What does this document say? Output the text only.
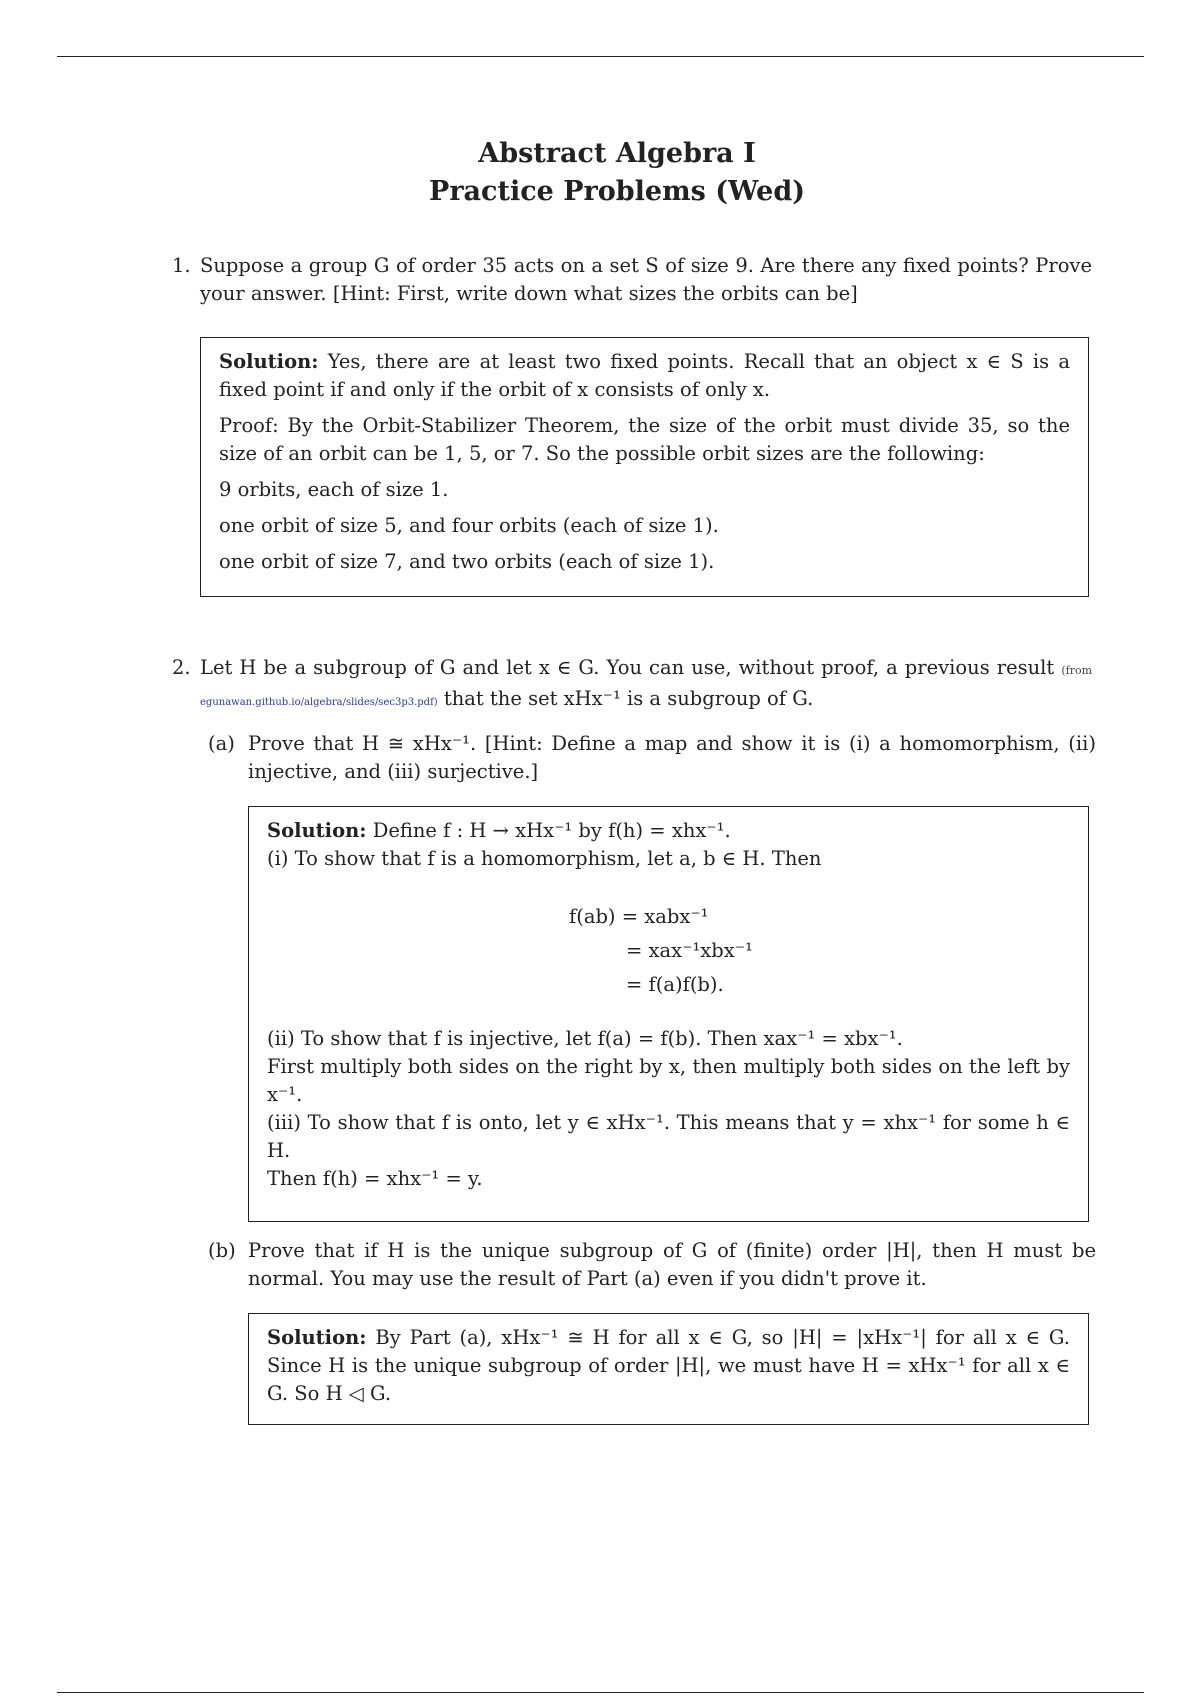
Abstract Algebra I
Practice Problems (Wed)
1. Suppose a group G of order 35 acts on a set S of size 9. Are there any fixed points? Prove your answer. [Hint: First, write down what sizes the orbits can be]

Solution: Yes, there are at least two fixed points. Recall that an object x ∈ S is a fixed point if and only if the orbit of x consists of only x.

Proof: By the Orbit-Stabilizer Theorem, the size of the orbit must divide 35, so the size of an orbit can be 1, 5, or 7. So the possible orbit sizes are the following:

9 orbits, each of size 1.

one orbit of size 5, and four orbits (each of size 1).

one orbit of size 7, and two orbits (each of size 1).

2. Let H be a subgroup of G and let x ∈ G. You can use, without proof, a previous result (from egunawan.github.io/algebra/slides/sec3p3.pdf) that the set xHx⁻¹ is a subgroup of G.
(a) Prove that H ≅ xHx⁻¹. [Hint: Define a map and show it is (i) a homomorphism, (ii) injective, and (iii) surjective.]

Solution: Define f : H → xHx⁻¹ by f(h) = xhx⁻¹.

(i) To show that f is a homomorphism, let a, b ∈ H. Then

f(ab) = xabx⁻¹
= xax⁻¹xbx⁻¹
= f(a)f(b).

(ii) To show that f is injective, let f(a) = f(b). Then xax⁻¹ = xbx⁻¹.

First multiply both sides on the right by x, then multiply both sides on the left by x⁻¹.

(iii) To show that f is onto, let y ∈ xHx⁻¹. This means that y = xhx⁻¹ for some h ∈ H.

Then f(h) = xhx⁻¹ = y.

(b) Prove that if H is the unique subgroup of G of (finite) order |H|, then H must be normal. You may use the result of Part (a) even if you didn't prove it.

Solution: By Part (a), xHx⁻¹ ≅ H for all x ∈ G, so |H| = |xHx⁻¹| for all x ∈ G. Since H is the unique subgroup of order |H|, we must have H = xHx⁻¹ for all x ∈ G. So H ◁ G.
